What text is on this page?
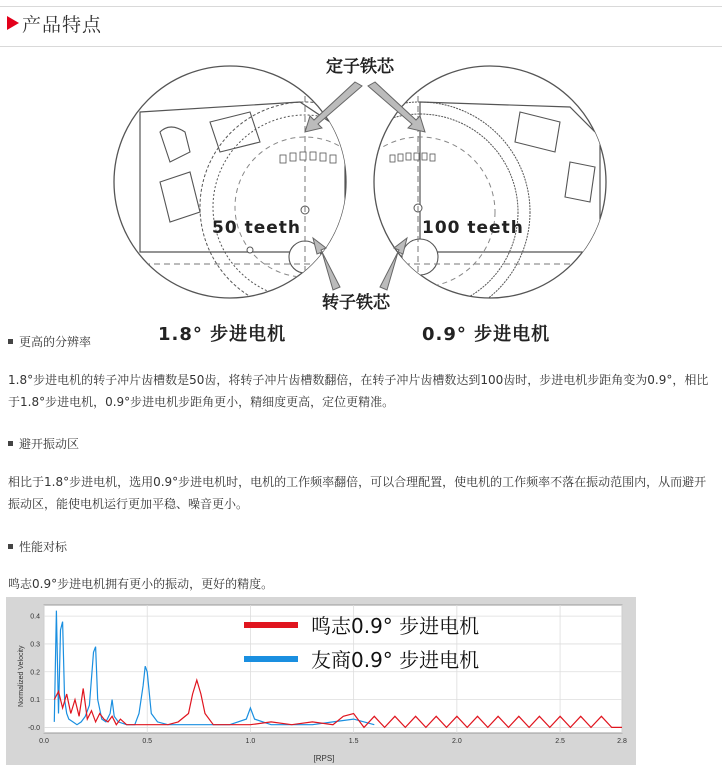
产品特点
定子铁芯
转子铁芯
50 teeth	100 teeth
1.8° 步进电机	0.9° 步进电机
更高的分辨率
1.8°步进电机的转子冲片齿槽数是50齿，将转子冲片齿槽数翻倍，在转子冲片齿槽数达到100齿时，步进电机步距角变为0.9°，相比于1.8°步进电机，0.9°步进电机步距角更小，精细度更高，定位更精准。
避开振动区
相比于1.8°步进电机，选用0.9°步进电机时，电机的工作频率翻倍，可以合理配置，使电机的工作频率不落在振动范围内，从而避开振动区，能使电机运行更加平稳、噪音更小。
性能对标
鸣志0.9°步进电机拥有更小的振动，更好的精度。
0.0	0.5	1.0	1.5	2.0	2.5	2.8
-0.0
0.1
0.2
0.3
0.4	鸣志0.9° 步进电机
友商0.9° 步进电机
Normalized Velocity
[RPS]
